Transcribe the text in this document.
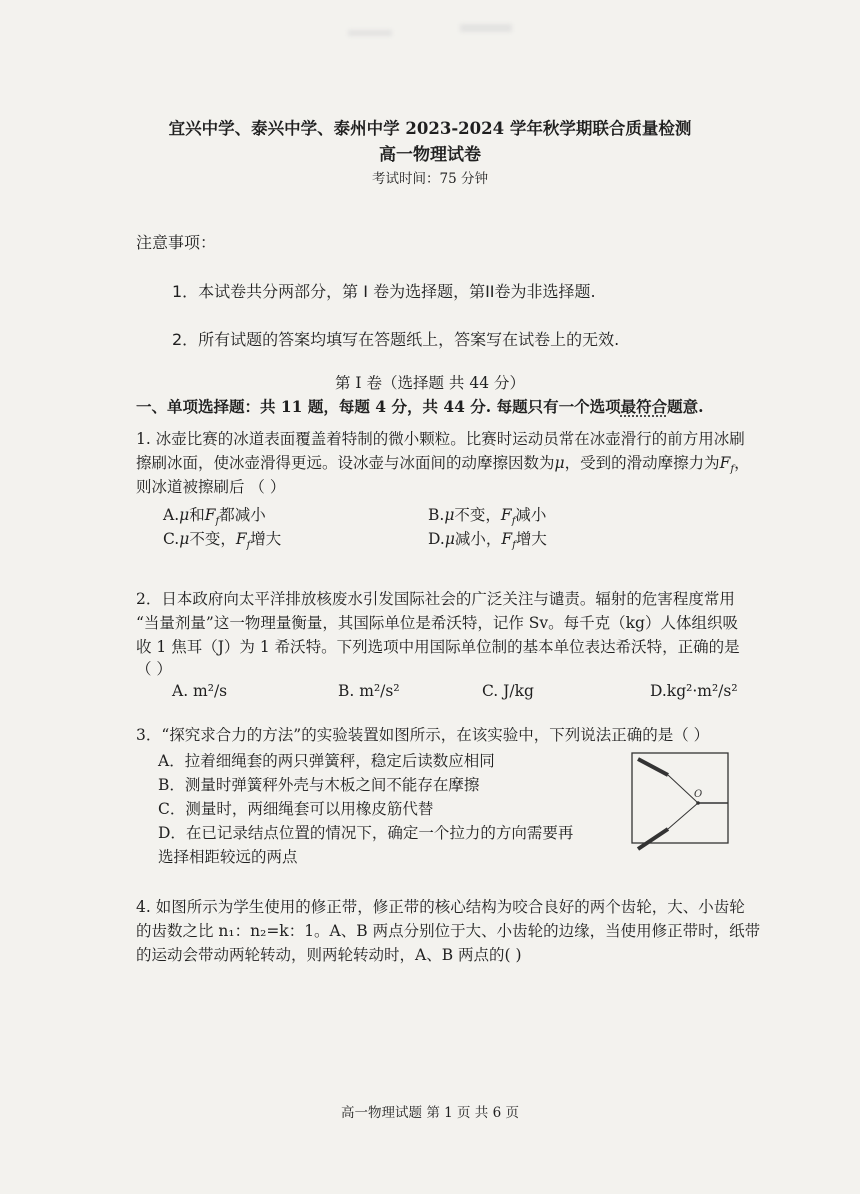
宜兴中学、泰兴中学、泰州中学 2023-2024 学年秋学期联合质量检测
高一物理试卷
考试时间：75 分钟
注意事项：
1．本试卷共分两部分，第 I 卷为选择题，第II卷为非选择题.
2．所有试题的答案均填写在答题纸上，答案写在试卷上的无效.
第 I 卷（选择题 共 44 分）
一、单项选择题：共 11 题，每题 4 分，共 44 分. 每题只有一个选项最符合题意.
1. 冰壶比赛的冰道表面覆盖着特制的微小颗粒。比赛时运动员常在冰壶滑行的前方用冰刷
擦刷冰面，使冰壶滑得更远。设冰壶与冰面间的动摩擦因数为μ，受到的滑动摩擦力为$F_f$，
则冰道被擦刷后 （ ）
A.μ和$F_f$都减小	B.μ不变，$F_f$减小
C.μ不变，$F_f$增大	D.μ减小，$F_f$增大
2．日本政府向太平洋排放核废水引发国际社会的广泛关注与谴责。辐射的危害程度常用
“当量剂量”这一物理量衡量，其国际单位是希沃特，记作 Sv。每千克（kg）人体组织吸
收 1 焦耳（J）为 1 希沃特。下列选项中用国际单位制的基本单位表达希沃特，正确的是
（ ）
A. m²/s	B. m²/s²	C. J/kg	D.kg²·m²/s²
3．“探究求合力的方法”的实验装置如图所示，在该实验中，下列说法正确的是（ ）
A．拉着细绳套的两只弹簧秤，稳定后读数应相同
B．测量时弹簧秤外壳与木板之间不能存在摩擦
C．测量时，两细绳套可以用橡皮筋代替
D．在已记录结点位置的情况下，确定一个拉力的方向需要再
选择相距较远的两点
O
4. 如图所示为学生使用的修正带，修正带的核心结构为咬合良好的两个齿轮，大、小齿轮
的齿数之比 n₁：n₂=k：1。A、B 两点分别位于大、小齿轮的边缘，当使用修正带时，纸带
的运动会带动两轮转动，则两轮转动时，A、B 两点的( )
高一物理试题 第 1 页 共 6 页
